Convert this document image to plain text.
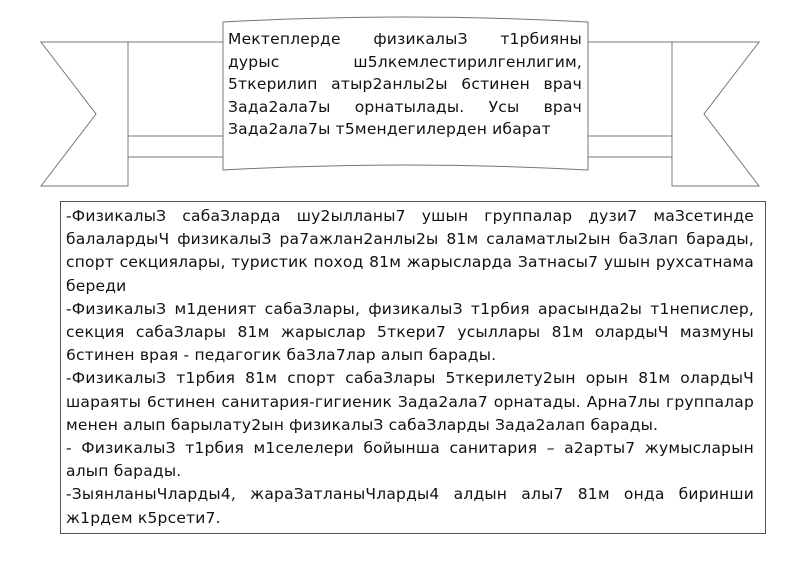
Мектеплерде физикалыЗ т1рбияны дурыс ш5лкемлестирилгенлигим, 5ткерилип атыр2анлы2ы 6стинен врач Зада2ала7ы орнатылады. Усы врач Зада2ала7ы т5мендегилерден ибарат

-ФизикалыЗ сабаЗларда шу2ылланы7 ушын группалар дузи7 маЗсетинде балалардыЧ физикалыЗ ра7ажлан2анлы2ы 81м саламатлы2ын баЗлап барады, спорт секциялары, туристик поход 81м жарысларда Затнасы7 ушын рухсатнама береди

-ФизикалыЗ м1деният сабаЗлары, физикалыЗ т1рбия арасында2ы т1непислер, секция сабаЗлары 81м жарыслар 5ткери7 усыллары 81м олардыЧ мазмуны 6стинен врая - педагогик баЗла7лар алып барады.

-ФизикалыЗ т1рбия 81м спорт сабаЗлары 5ткерилету2ын орын 81м олардыЧ шараяты 6стинен санитария-гигиеник Зада2ала7 орнатады. Арна7лы группалар менен алып барылату2ын физикалыЗ сабаЗларды Зада2алап барады.

- ФизикалыЗ т1рбия м1селелери бойынша санитария – а2арты7 жумысларын алып барады.

-ЗыянланыЧларды4, жараЗатланыЧларды4 алдын алы7 81м онда биринши ж1рдем к5рсети7.
